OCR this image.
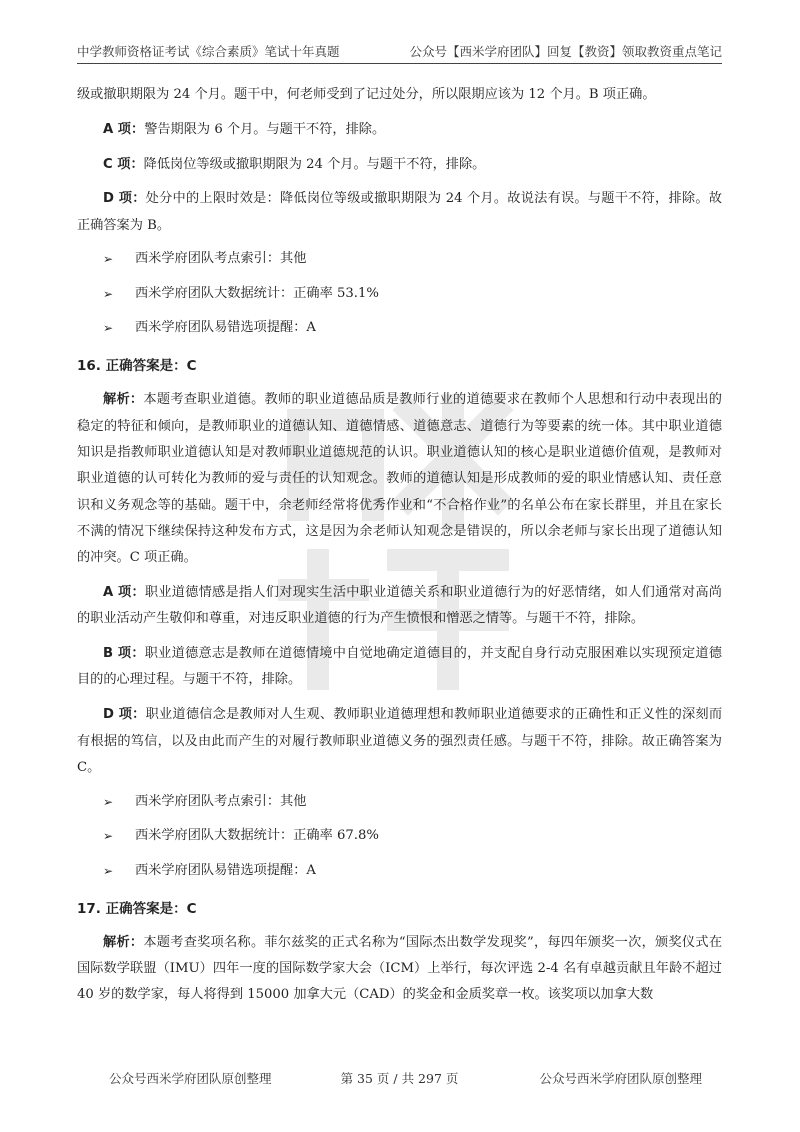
中学教师资格证考试《综合素质》笔试十年真题	公众号【西米学府团队】回复【教资】领取教资重点笔记

级或撤职期限为 24 个月。题干中，何老师受到了记过处分，所以限期应该为 12 个月。B 项正确。

A 项：警告期限为 6 个月。与题干不符，排除。

C 项：降低岗位等级或撤职期限为 24 个月。与题干不符，排除。

D 项：处分中的上限时效是：降低岗位等级或撤职期限为 24 个月。故说法有误。与题干不符，排除。故正确答案为 B。

➢ 西米学府团队考点索引：其他

➢ 西米学府团队大数据统计：正确率 53.1%

➢ 西米学府团队易错选项提醒：A

16. 正确答案是：C

解析：本题考查职业道德。教师的职业道德品质是教师行业的道德要求在教师个人思想和行动中表现出的稳定的特征和倾向，是教师职业的道德认知、道德情感、道德意志、道德行为等要素的统一体。其中职业道德知识是指教师职业道德认知是对教师职业道德规范的认识。职业道德认知的核心是职业道德价值观，是教师对职业道德的认可转化为教师的爱与责任的认知观念。教师的道德认知是形成教师的爱的职业情感认知、责任意识和义务观念等的基础。题干中，余老师经常将优秀作业和“不合格作业”的名单公布在家长群里，并且在家长不满的情况下继续保持这种发布方式，这是因为余老师认知观念是错误的，所以余老师与家长出现了道德认知的冲突。C 项正确。

A 项：职业道德情感是指人们对现实生活中职业道德关系和职业道德行为的好恶情绪，如人们通常对高尚的职业活动产生敬仰和尊重，对违反职业道德的行为产生愤恨和憎恶之情等。与题干不符，排除。

B 项：职业道德意志是教师在道德情境中自觉地确定道德目的，并支配自身行动克服困难以实现预定道德目的的心理过程。与题干不符，排除。

D 项：职业道德信念是教师对人生观、教师职业道德理想和教师职业道德要求的正确性和正义性的深刻而有根据的笃信，以及由此而产生的对履行教师职业道德义务的强烈责任感。与题干不符，排除。故正确答案为 C。

➢ 西米学府团队考点索引：其他

➢ 西米学府团队大数据统计：正确率 67.8%

➢ 西米学府团队易错选项提醒：A

17. 正确答案是：C

解析：本题考查奖项名称。菲尔兹奖的正式名称为“国际杰出数学发现奖”，每四年颁奖一次，颁奖仪式在国际数学联盟（IMU）四年一度的国际数学家大会（ICM）上举行，每次评选 2-4 名有卓越贡献且年龄不超过 40 岁的数学家，每人将得到 15000 加拿大元（CAD）的奖金和金质奖章一枚。该奖项以加拿大数

公众号西米学府团队原创整理	第 35 页 / 共 297 页	公众号西米学府团队原创整理
